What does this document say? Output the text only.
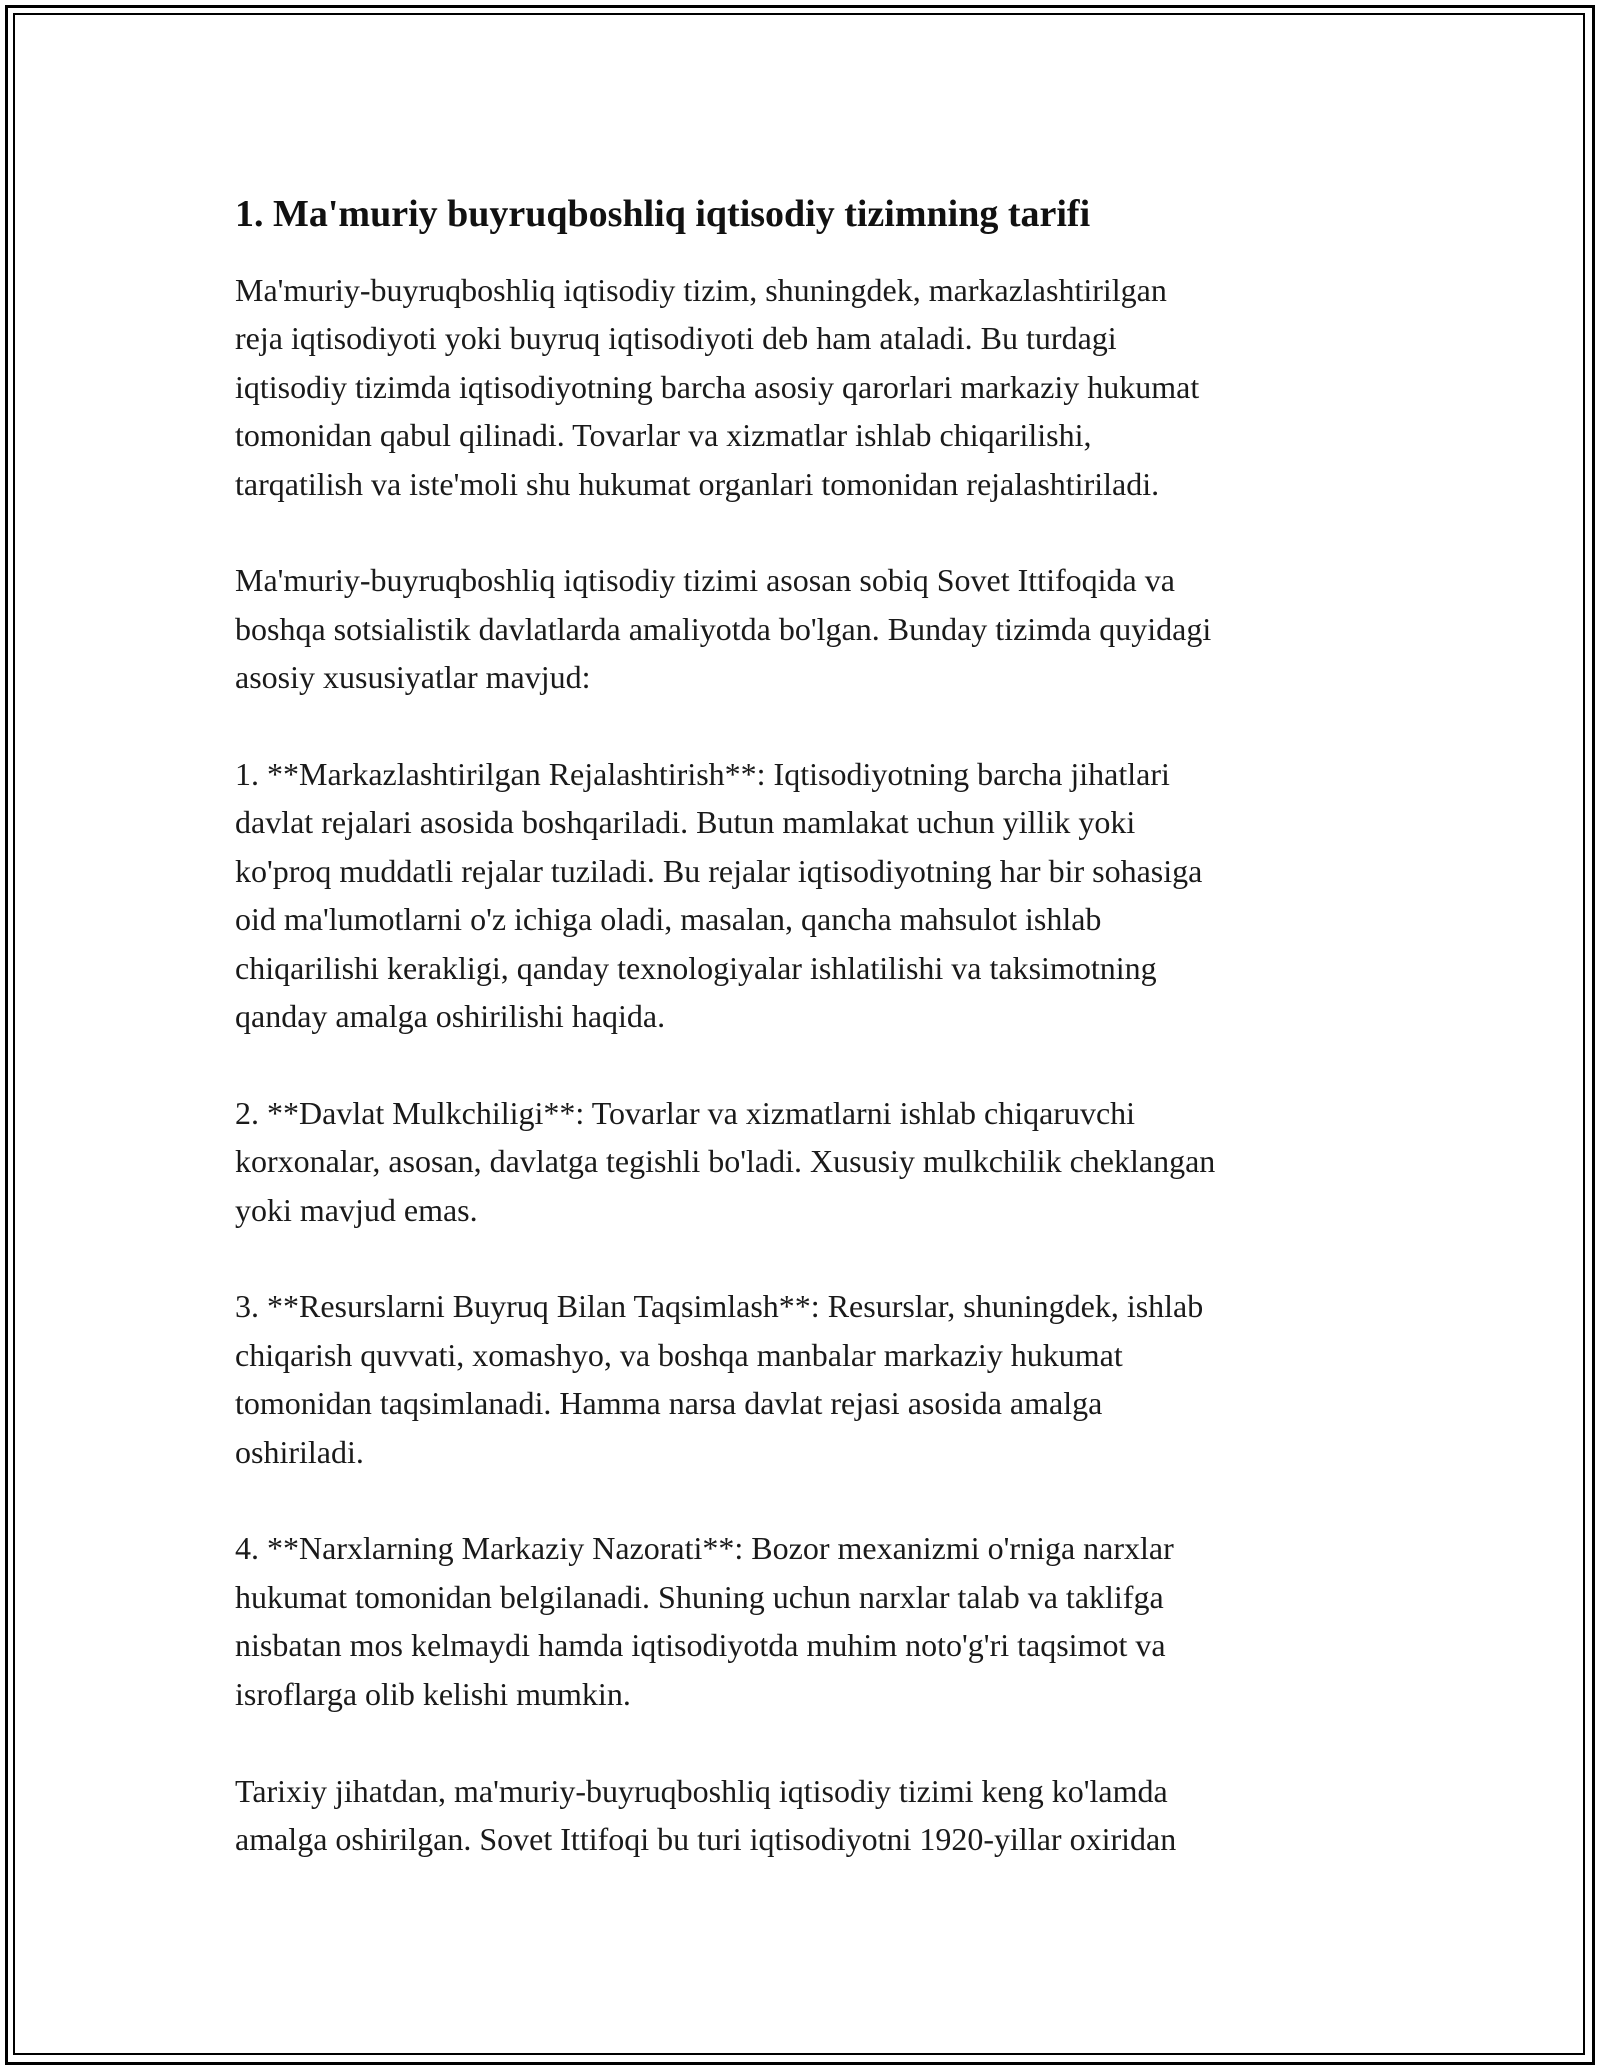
1. Ma'muriy buyruqboshliq iqtisodiy tizimning tarifi

Ma'muriy-buyruqboshliq iqtisodiy tizim, shuningdek, markazlashtirilgan
reja iqtisodiyoti yoki buyruq iqtisodiyoti deb ham ataladi. Bu turdagi
iqtisodiy tizimda iqtisodiyotning barcha asosiy qarorlari markaziy hukumat
tomonidan qabul qilinadi. Tovarlar va xizmatlar ishlab chiqarilishi,
tarqatilish va iste'moli shu hukumat organlari tomonidan rejalashtiriladi.

Ma'muriy-buyruqboshliq iqtisodiy tizimi asosan sobiq Sovet Ittifoqida va
boshqa sotsialistik davlatlarda amaliyotda bo'lgan. Bunday tizimda quyidagi
asosiy xususiyatlar mavjud:

1. **Markazlashtirilgan Rejalashtirish**: Iqtisodiyotning barcha jihatlari
davlat rejalari asosida boshqariladi. Butun mamlakat uchun yillik yoki
ko'proq muddatli rejalar tuziladi. Bu rejalar iqtisodiyotning har bir sohasiga
oid ma'lumotlarni o'z ichiga oladi, masalan, qancha mahsulot ishlab
chiqarilishi kerakligi, qanday texnologiyalar ishlatilishi va taksimotning
qanday amalga oshirilishi haqida.

2. **Davlat Mulkchiligi**: Tovarlar va xizmatlarni ishlab chiqaruvchi
korxonalar, asosan, davlatga tegishli bo'ladi. Xususiy mulkchilik cheklangan
yoki mavjud emas.

3. **Resurslarni Buyruq Bilan Taqsimlash**: Resurslar, shuningdek, ishlab
chiqarish quvvati, xomashyo, va boshqa manbalar markaziy hukumat
tomonidan taqsimlanadi. Hamma narsa davlat rejasi asosida amalga
oshiriladi.

4. **Narxlarning Markaziy Nazorati**: Bozor mexanizmi o'rniga narxlar
hukumat tomonidan belgilanadi. Shuning uchun narxlar talab va taklifga
nisbatan mos kelmaydi hamda iqtisodiyotda muhim noto'g'ri taqsimot va
isroflarga olib kelishi mumkin.

Tarixiy jihatdan, ma'muriy-buyruqboshliq iqtisodiy tizimi keng ko'lamda
amalga oshirilgan. Sovet Ittifoqi bu turi iqtisodiyotni 1920-yillar oxiridan
